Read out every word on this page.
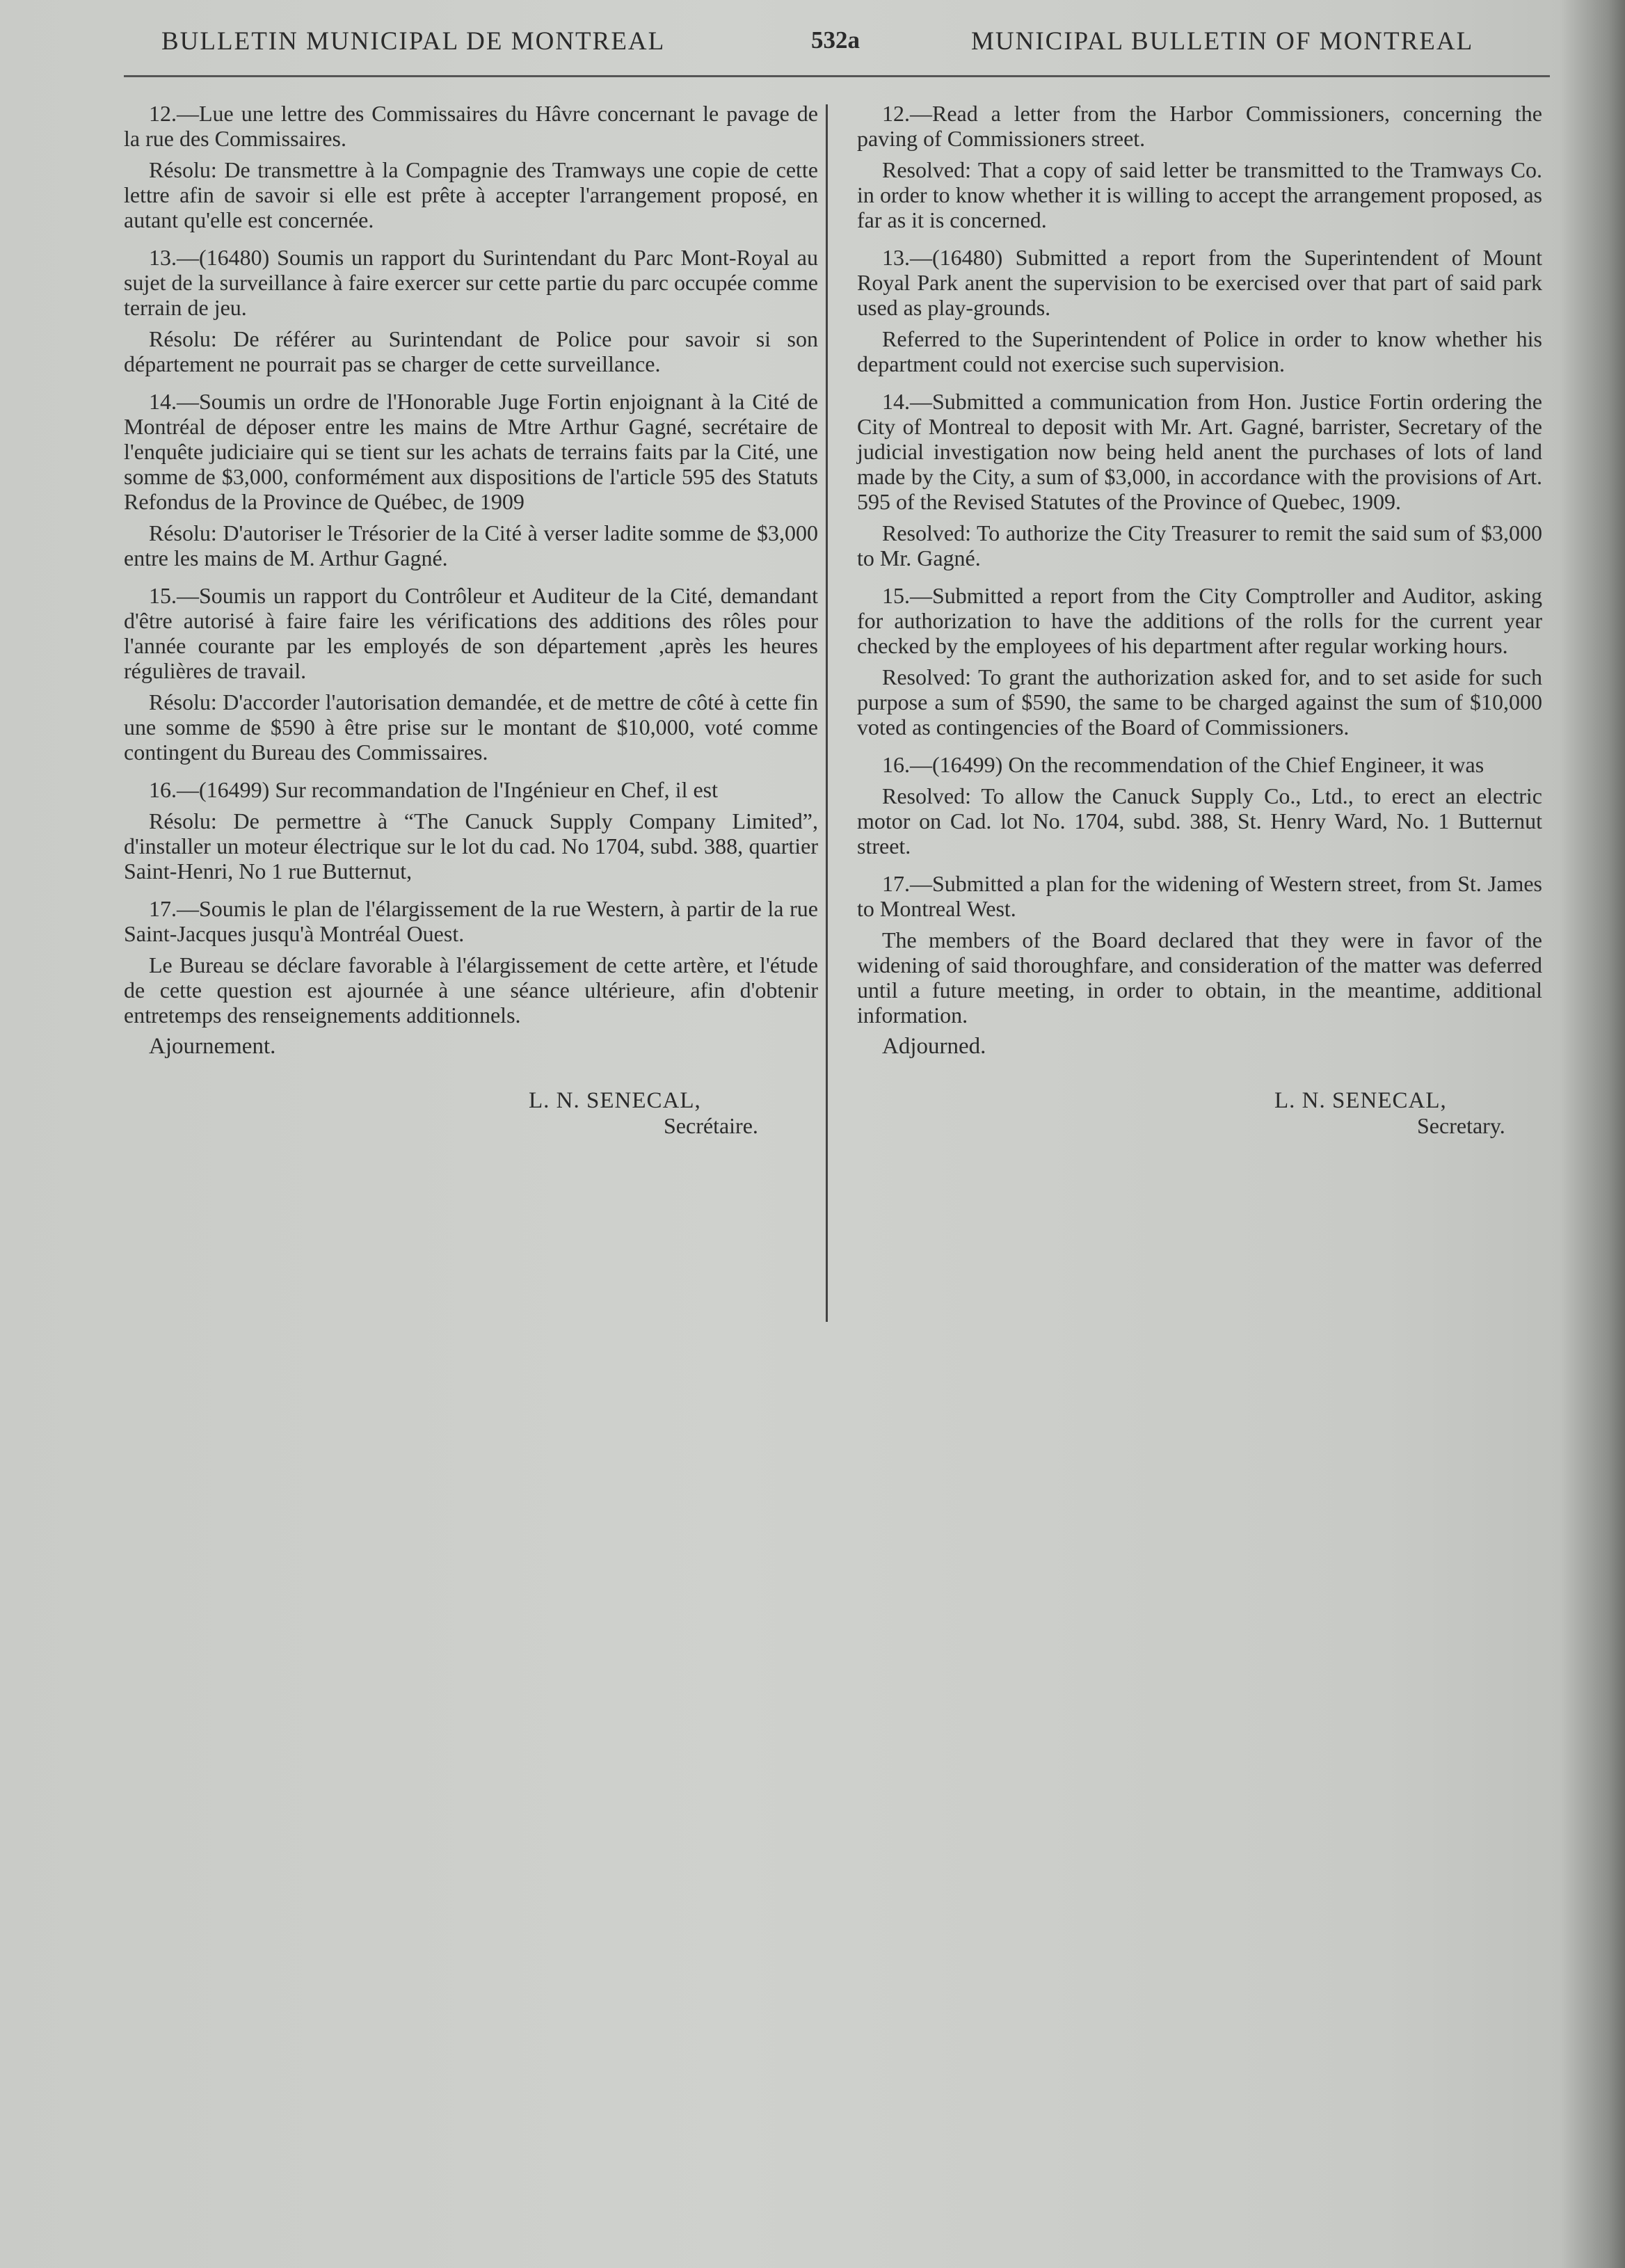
BULLETIN MUNICIPAL DE MONTREAL	532a	MUNICIPAL BULLETIN OF MONTREAL

12.—Lue une lettre des Commissaires du Hâvre concernant le pavage de la rue des Commissaires.

Résolu: De transmettre à la Compagnie des Tramways une copie de cette lettre afin de savoir si elle est prête à accepter l'arrangement proposé, en autant qu'elle est concernée.

13.—(16480) Soumis un rapport du Surintendant du Parc Mont-Royal au sujet de la surveillance à faire exercer sur cette partie du parc occupée comme terrain de jeu.

Résolu: De référer au Surintendant de Police pour savoir si son département ne pourrait pas se charger de cette surveillance.

14.—Soumis un ordre de l'Honorable Juge Fortin enjoignant à la Cité de Montréal de déposer entre les mains de Mtre Arthur Gagné, secrétaire de l'enquête judiciaire qui se tient sur les achats de terrains faits par la Cité, une somme de $3,000, conformément aux dispositions de l'article 595 des Statuts Refondus de la Province de Québec, de 1909

Résolu: D'autoriser le Trésorier de la Cité à verser ladite somme de $3,000 entre les mains de M. Arthur Gagné.

15.—Soumis un rapport du Contrôleur et Auditeur de la Cité, demandant d'être autorisé à faire faire les vérifications des additions des rôles pour l'année courante par les employés de son département ,après les heures régulières de travail.

Résolu: D'accorder l'autorisation demandée, et de mettre de côté à cette fin une somme de $590 à être prise sur le montant de $10,000, voté comme contingent du Bureau des Commissaires.

16.—(16499) Sur recommandation de l'Ingénieur en Chef, il est

Résolu: De permettre à “The Canuck Supply Company Limited”, d'installer un moteur électrique sur le lot du cad. No 1704, subd. 388, quartier Saint-Henri, No 1 rue Butternut,

17.—Soumis le plan de l'élargissement de la rue Western, à partir de la rue Saint-Jacques jusqu'à Montréal Ouest.

Le Bureau se déclare favorable à l'élargissement de cette artère, et l'étude de cette question est ajournée à une séance ultérieure, afin d'obtenir entretemps des renseignements additionnels.

Ajournement.

L. N. SENECAL,
Secrétaire.

12.—Read a letter from the Harbor Commissioners, concerning the paving of Commissioners street.

Resolved: That a copy of said letter be transmitted to the Tramways Co. in order to know whether it is willing to accept the arrangement proposed, as far as it is concerned.

13.—(16480) Submitted a report from the Superintendent of Mount Royal Park anent the supervision to be exercised over that part of said park used as play-grounds.

Referred to the Superintendent of Police in order to know whether his department could not exercise such supervision.

14.—Submitted a communication from Hon. Justice Fortin ordering the City of Montreal to deposit with Mr. Art. Gagné, barrister, Secretary of the judicial investigation now being held anent the purchases of lots of land made by the City, a sum of $3,000, in accordance with the provisions of Art. 595 of the Revised Statutes of the Province of Quebec, 1909.

Resolved: To authorize the City Treasurer to remit the said sum of $3,000 to Mr. Gagné.

15.—Submitted a report from the City Comptroller and Auditor, asking for authorization to have the additions of the rolls for the current year checked by the employees of his department after regular working hours.

Resolved: To grant the authorization asked for, and to set aside for such purpose a sum of $590, the same to be charged against the sum of $10,000 voted as contingencies of the Board of Commissioners.

16.—(16499) On the recommendation of the Chief Engineer, it was

Resolved: To allow the Canuck Supply Co., Ltd., to erect an electric motor on Cad. lot No. 1704, subd. 388, St. Henry Ward, No. 1 Butternut street.

17.—Submitted a plan for the widening of Western street, from St. James to Montreal West.

The members of the Board declared that they were in favor of the widening of said thoroughfare, and consideration of the matter was deferred until a future meeting, in order to obtain, in the meantime, additional information.

Adjourned.

L. N. SENECAL,
Secretary.
